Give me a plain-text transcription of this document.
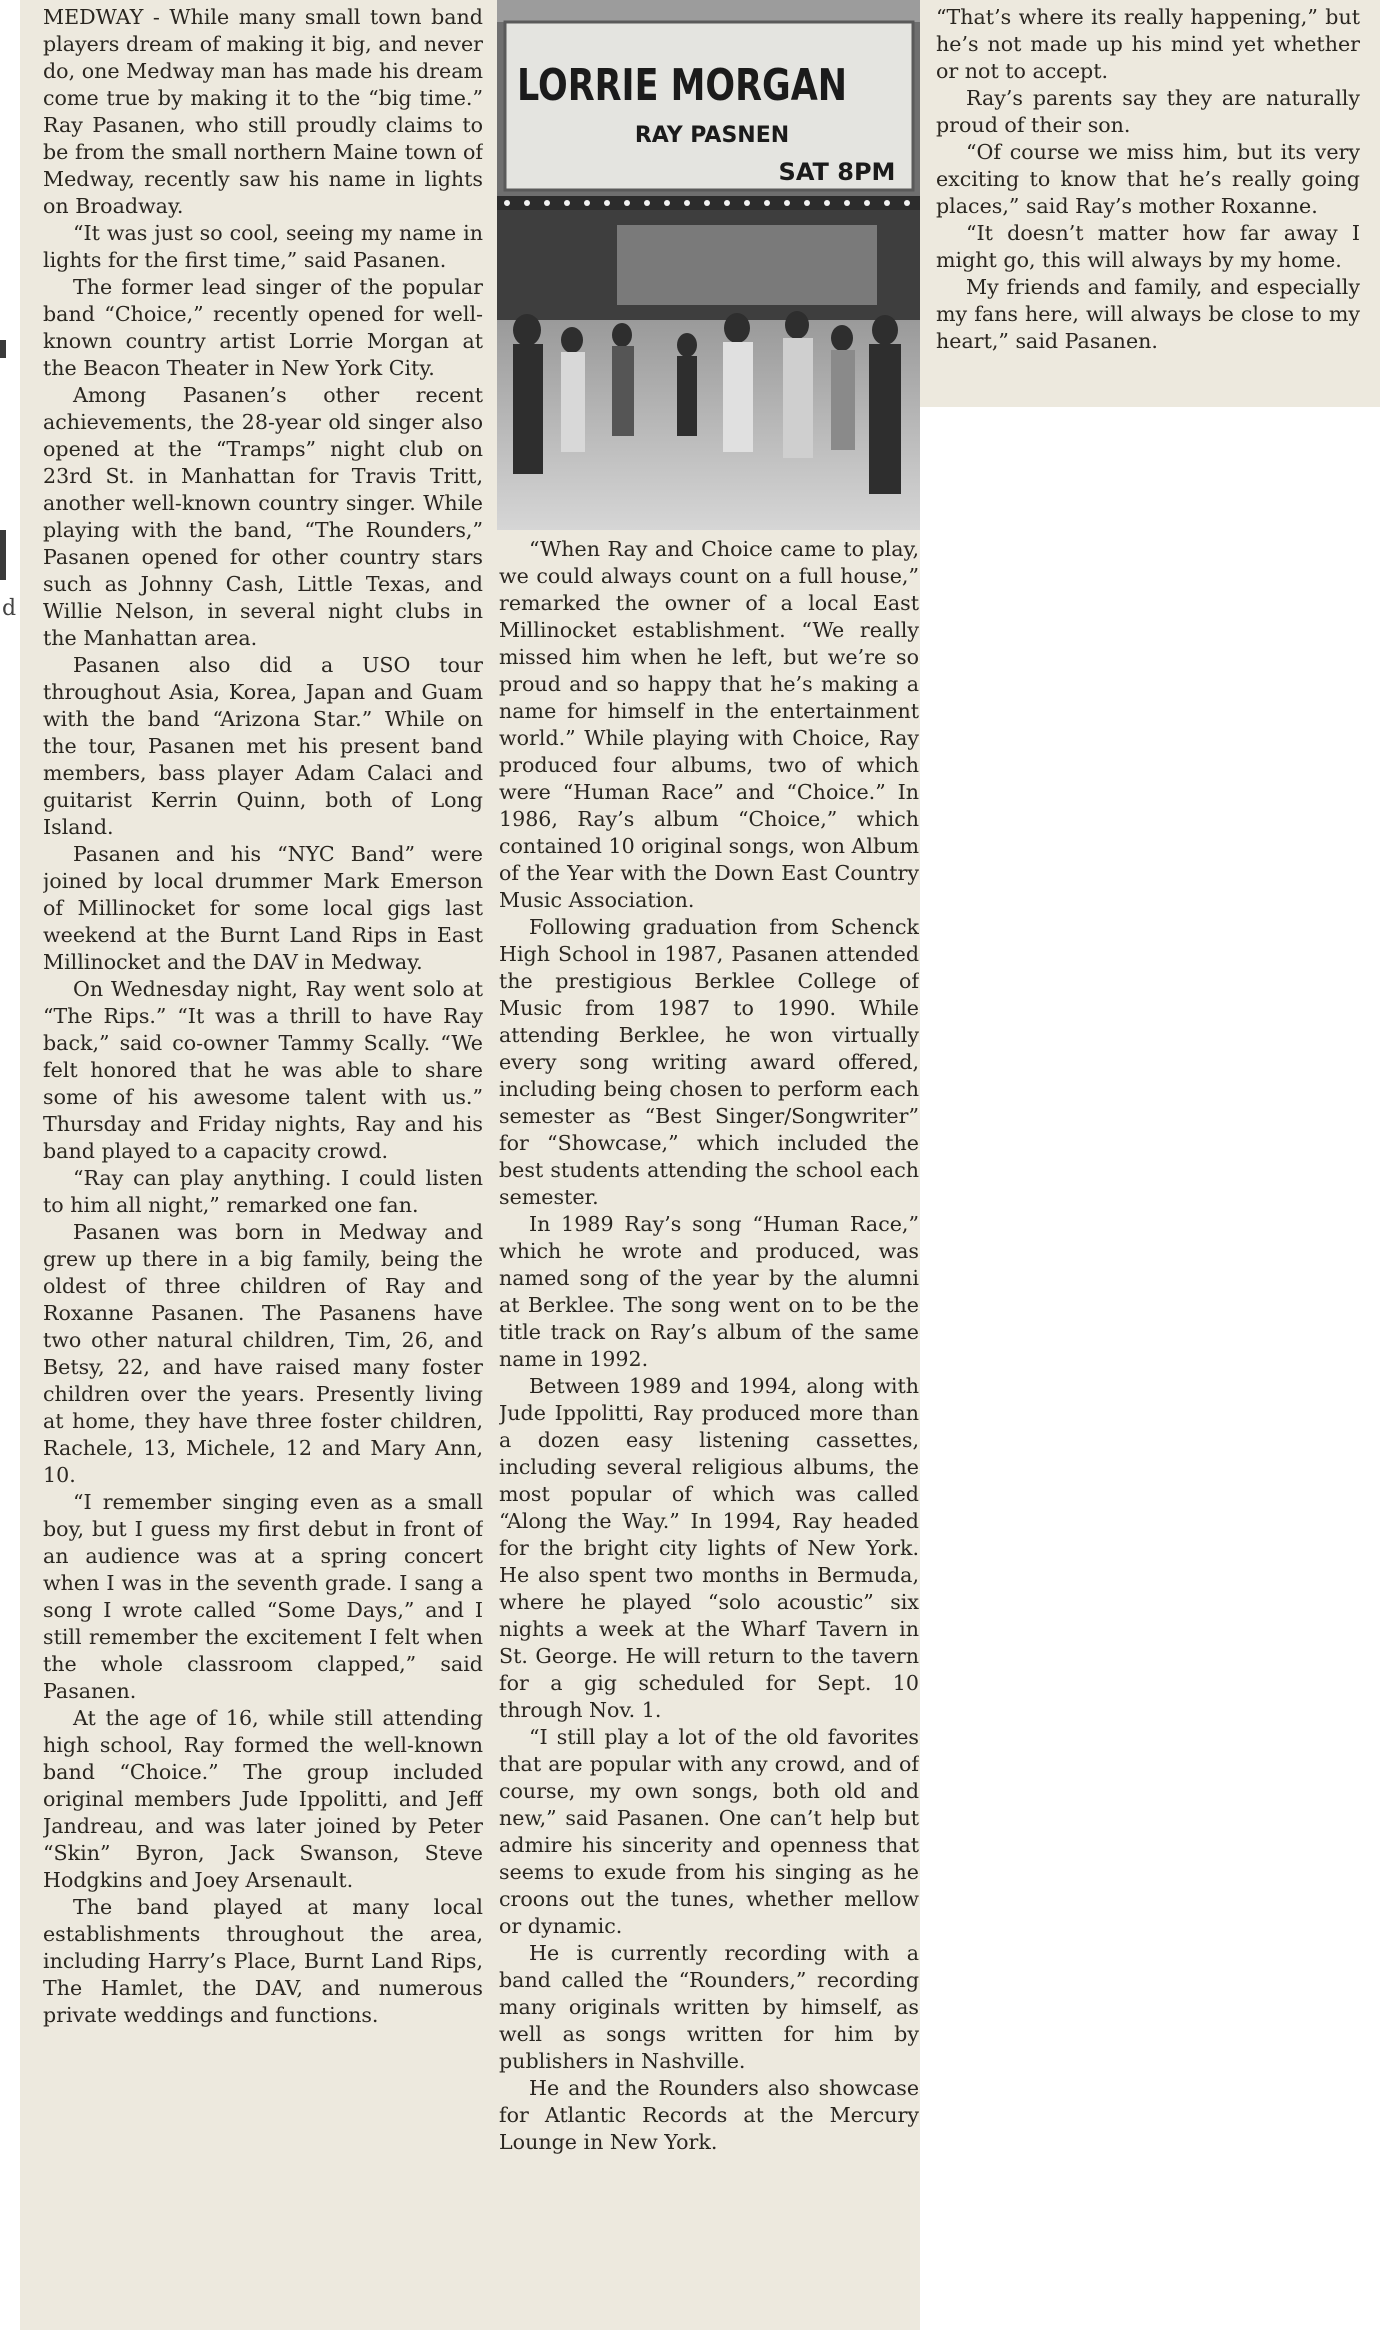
d

MEDWAY - While many small town band players dream of making it big, and never do, one Medway man has made his dream come true by making it to the “big time.” Ray Pasanen, who still proudly claims to be from the small northern Maine town of Medway, recently saw his name in lights on Broadway.

“It was just so cool, seeing my name in lights for the first time,” said Pasanen.

The former lead singer of the popular band “Choice,” recently opened for well-known country artist Lorrie Morgan at the Beacon Theater in New York City.

Among Pasanen’s other recent achievements, the 28-year old singer also opened at the “Tramps” night club on 23rd St. in Manhattan for Travis Tritt, another well-known country singer. While playing with the band, “The Rounders,” Pasanen opened for other country stars such as Johnny Cash, Little Texas, and Willie Nelson, in several night clubs in the Manhattan area.

Pasanen also did a USO tour throughout Asia, Korea, Japan and Guam with the band “Arizona Star.” While on the tour, Pasanen met his present band members, bass player Adam Calaci and guitarist Kerrin Quinn, both of Long Island.

Pasanen and his “NYC Band” were joined by local drummer Mark Emerson of Millinocket for some local gigs last weekend at the Burnt Land Rips in East Millinocket and the DAV in Medway.

On Wednesday night, Ray went solo at “The Rips.” “It was a thrill to have Ray back,” said co-owner Tammy Scally. “We felt honored that he was able to share some of his awesome talent with us.” Thursday and Friday nights, Ray and his band played to a capacity crowd.

“Ray can play anything. I could listen to him all night,” remarked one fan.

Pasanen was born in Medway and grew up there in a big family, being the oldest of three children of Ray and Roxanne Pasanen. The Pasanens have two other natural children, Tim, 26, and Betsy, 22, and have raised many foster children over the years. Presently living at home, they have three foster children, Rachele, 13, Michele, 12 and Mary Ann, 10.

“I remember singing even as a small boy, but I guess my first debut in front of an audience was at a spring concert when I was in the seventh grade. I sang a song I wrote called “Some Days,” and I still remember the excitement I felt when the whole classroom clapped,” said Pasanen.

At the age of 16, while still attending high school, Ray formed the well-known band “Choice.” The group included original members Jude Ippolitti, and Jeff Jandreau, and was later joined by Peter “Skin” Byron, Jack Swanson, Steve Hodgkins and Joey Arsenault.

The band played at many local establishments throughout the area, including Harry’s Place, Burnt Land Rips, The Hamlet, the DAV, and numerous private weddings and functions.

LORRIE MORGAN
RAY PASNEN
SAT 8PM

“When Ray and Choice came to play, we could always count on a full house,” remarked the owner of a local East Millinocket establishment. “We really missed him when he left, but we’re so proud and so happy that he’s making a name for himself in the entertainment world.” While playing with Choice, Ray produced four albums, two of which were “Human Race” and “Choice.” In 1986, Ray’s album “Choice,” which contained 10 original songs, won Album of the Year with the Down East Country Music Association.

Following graduation from Schenck High School in 1987, Pasanen attended the prestigious Berklee College of Music from 1987 to 1990. While attending Berklee, he won virtually every song writing award offered, including being chosen to perform each semester as “Best Singer/Songwriter” for “Showcase,” which included the best students attending the school each semester.

In 1989 Ray’s song “Human Race,” which he wrote and produced, was named song of the year by the alumni at Berklee. The song went on to be the title track on Ray’s album of the same name in 1992.

Between 1989 and 1994, along with Jude Ippolitti, Ray produced more than a dozen easy listening cassettes, including several religious albums, the most popular of which was called “Along the Way.” In 1994, Ray headed for the bright city lights of New York. He also spent two months in Bermuda, where he played “solo acoustic” six nights a week at the Wharf Tavern in St. George. He will return to the tavern for a gig scheduled for Sept. 10 through Nov. 1.

“I still play a lot of the old favorites that are popular with any crowd, and of course, my own songs, both old and new,” said Pasanen. One can’t help but admire his sincerity and openness that seems to exude from his singing as he croons out the tunes, whether mellow or dynamic.

He is currently recording with a band called the “Rounders,” recording many originals written by himself, as well as songs written for him by publishers in Nashville.

He and the Rounders also showcase for Atlantic Records at the Mercury Lounge in New York.

“That’s where its really happening,” but he’s not made up his mind yet whether or not to accept.

Ray’s parents say they are naturally proud of their son.

“Of course we miss him, but its very exciting to know that he’s really going places,” said Ray’s mother Roxanne.

“It doesn’t matter how far away I might go, this will always by my home.

My friends and family, and especially my fans here, will always be close to my heart,” said Pasanen.
